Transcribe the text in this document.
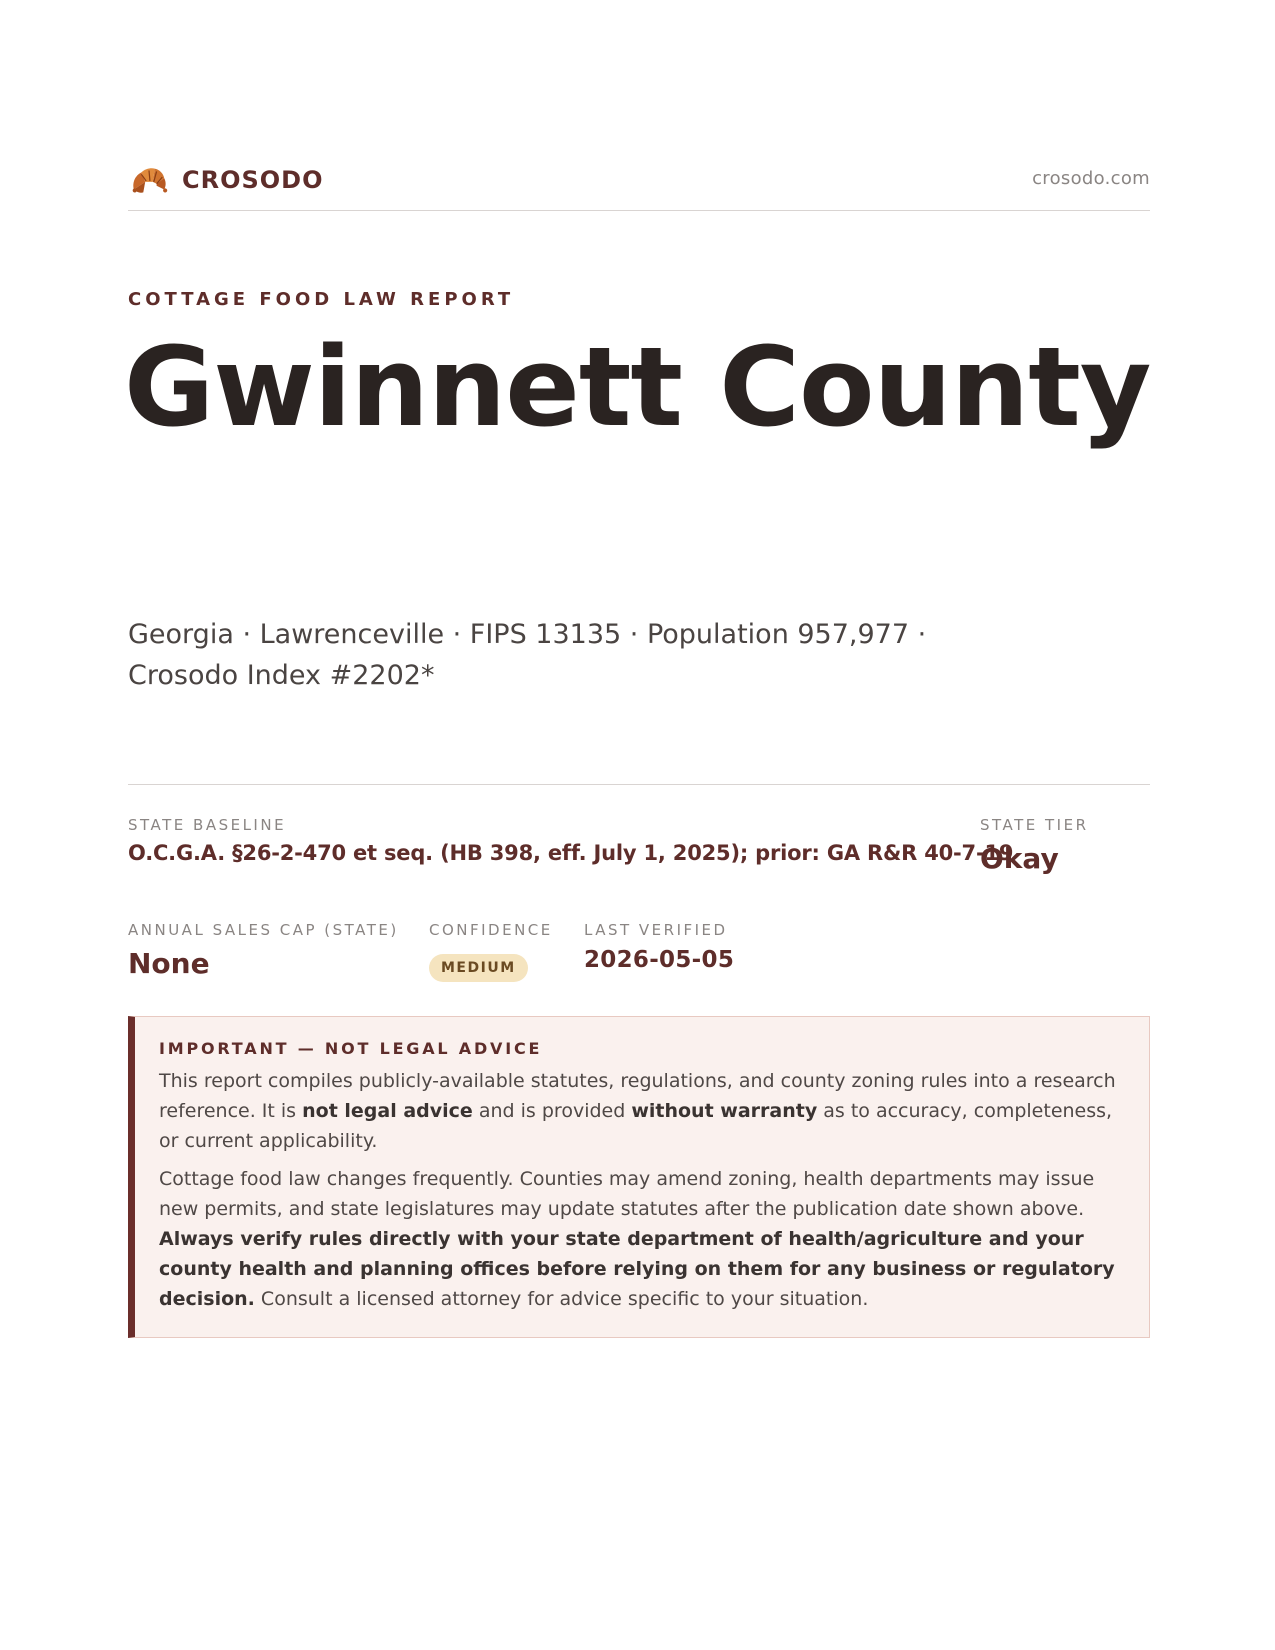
CROSODO	crosodo.com
COTTAGE FOOD LAW REPORT
Gwinnett County
Georgia · Lawrenceville · FIPS 13135 · Population 957,977 · Crosodo Index #2202*
STATE BASELINE
O.C.G.A. §26-2-470 et seq. (HB 398, eff. July 1, 2025); prior: GA R&R 40-7-19
STATE TIER
Okay
ANNUAL SALES CAP (STATE)
None
CONFIDENCE
MEDIUM
LAST VERIFIED
2026-05-05
IMPORTANT — NOT LEGAL ADVICE

This report compiles publicly-available statutes, regulations, and county zoning rules into a research reference. It is not legal advice and is provided without warranty as to accuracy, completeness, or current applicability.

Cottage food law changes frequently. Counties may amend zoning, health departments may issue new permits, and state legislatures may update statutes after the publication date shown above. Always verify rules directly with your state department of health/agriculture and your county health and planning offices before relying on them for any business or regulatory decision. Consult a licensed attorney for advice specific to your situation.
